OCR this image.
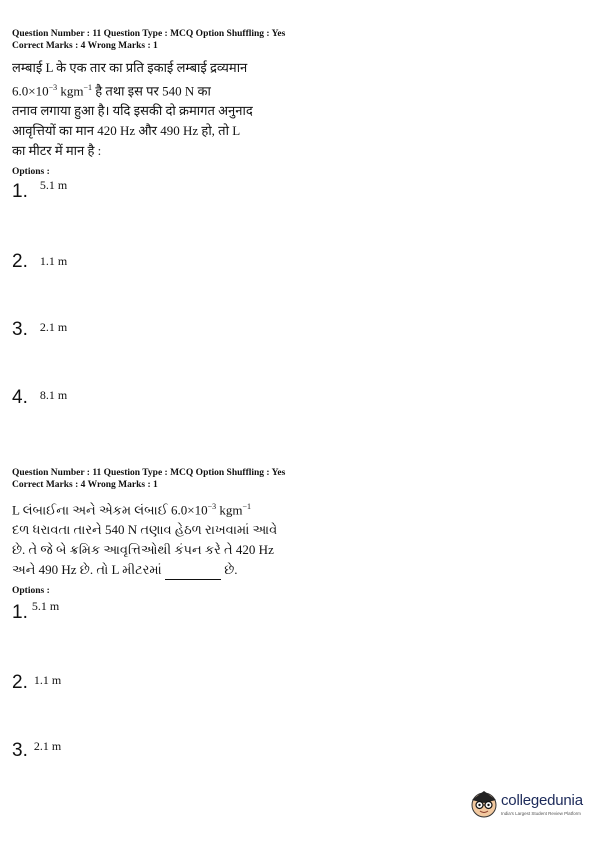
Question Number : 11 Question Type : MCQ Option Shuffling : Yes
Correct Marks : 4 Wrong Marks : 1
लम्बाई L के एक तार का प्रति इकाई लम्बाई द्रव्यमान
$6.0\times 10^{-3}$ kgm$^{-1}$ है तथा इस पर 540 N का
तनाव लगाया हुआ है। यदि इसकी दो क्रमागत अनुनाद
आवृत्तियों का मान 420 Hz और 490 Hz हो, तो L
का मीटर में मान है :
Options :
1. 5.1 m
2. 1.1 m
3. 2.1 m
4. 8.1 m
Question Number : 11 Question Type : MCQ Option Shuffling : Yes
Correct Marks : 4 Wrong Marks : 1
L લંબાઈના અને એકમ લંબાઈ $6.0\times 10^{-3}$ kgm$^{-1}$
દળ ધરાવતા તારને 540 N તણાવ હેઠળ રાખવામાં આવે
છે. તે જે બે ક્રમિક આવૃત્તિઓથી કંપન કરે તે 420 Hz
અને 490 Hz છે. તો L મીટરમાં	છે.
Options :
1. 5.1 m
2. 1.1 m
3. 2.1 m
collegedunia
India's Largest Student Review Platform
